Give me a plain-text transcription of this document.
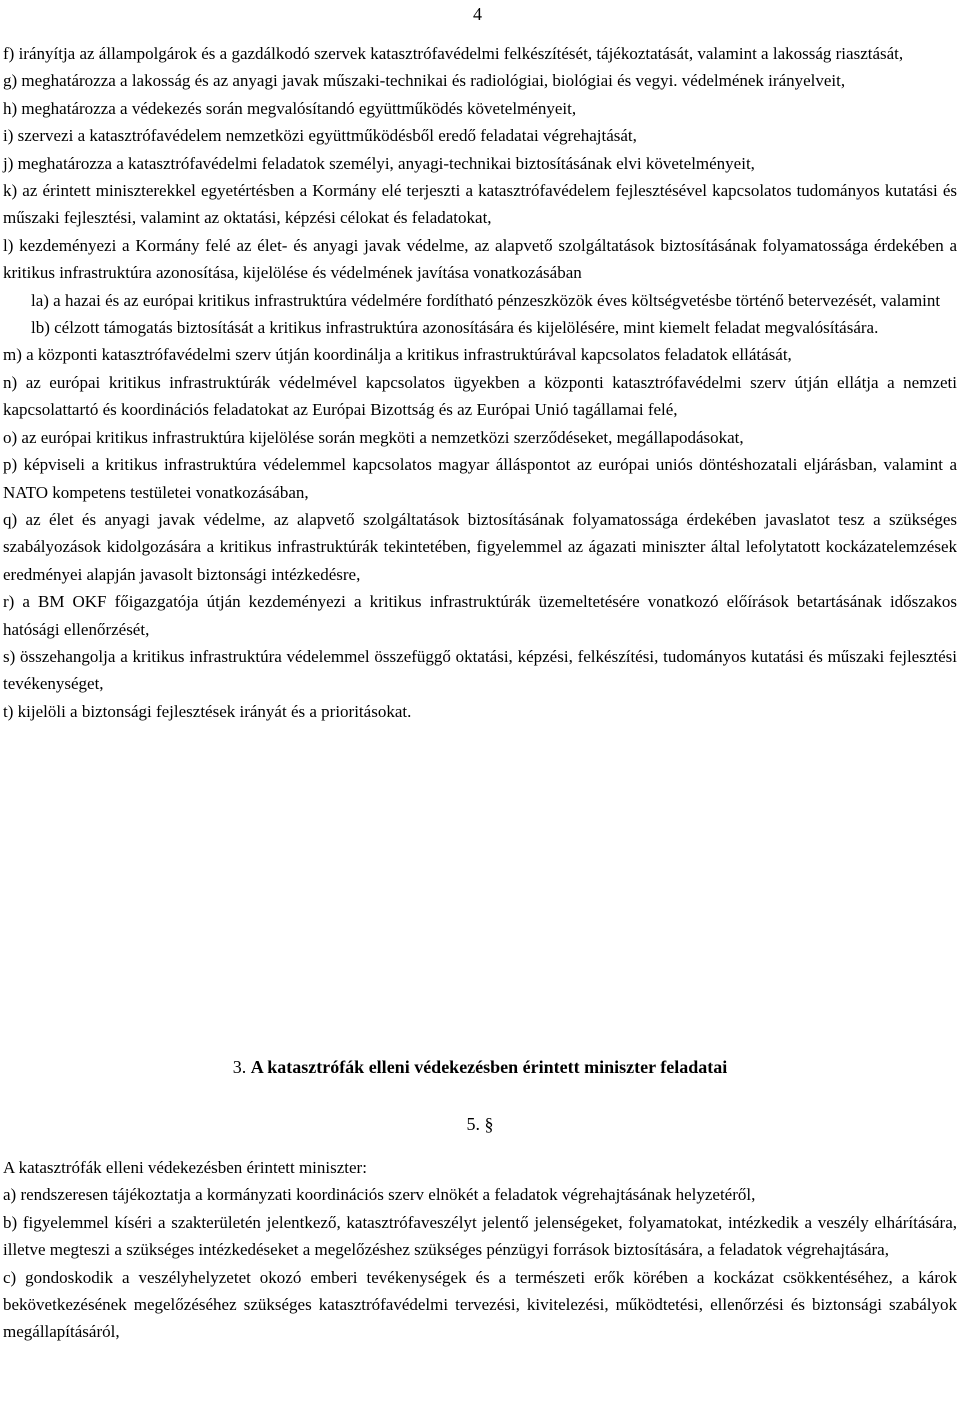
4

f) irányítja az állampolgárok és a gazdálkodó szervek katasztrófavédelmi felkészítését, tájékoztatását, valamint a lakosság riasztását,

g) meghatározza a lakosság és az anyagi javak műszaki-technikai és radiológiai, biológiai és vegyi. védelmének irányelveit,

h) meghatározza a védekezés során megvalósítandó együttműködés követelményeit,

i) szervezi a katasztrófavédelem nemzetközi együttműködésből eredő feladatai végrehajtását,

j) meghatározza a katasztrófavédelmi feladatok személyi, anyagi-technikai biztosításának elvi követelményeit,

k) az érintett miniszterekkel egyetértésben a Kormány elé terjeszti a katasztrófavédelem fejlesztésével kapcsolatos tudományos kutatási és műszaki fejlesztési, valamint az oktatási, képzési célokat és feladatokat,

l) kezdeményezi a Kormány felé az élet- és anyagi javak védelme, az alapvető szolgáltatások biztosításának folyamatossága érdekében a kritikus infrastruktúra azonosítása, kijelölése és védelmének javítása vonatkozásában

la) a hazai és az európai kritikus infrastruktúra védelmére fordítható pénzeszközök éves költségvetésbe történő betervezését, valamint

lb) célzott támogatás biztosítását a kritikus infrastruktúra azonosítására és kijelölésére, mint kiemelt feladat megvalósítására.

m) a központi katasztrófavédelmi szerv útján koordinálja a kritikus infrastruktúrával kapcsolatos feladatok ellátását,

n) az európai kritikus infrastruktúrák védelmével kapcsolatos ügyekben a központi katasztrófavédelmi szerv útján ellátja a nemzeti kapcsolattartó és koordinációs feladatokat az Európai Bizottság és az Európai Unió tagállamai felé,

o) az európai kritikus infrastruktúra kijelölése során megköti a nemzetközi szerződéseket, megállapodásokat,

p) képviseli a kritikus infrastruktúra védelemmel kapcsolatos magyar álláspontot az európai uniós döntéshozatali eljárásban, valamint a NATO kompetens testületei vonatkozásában,

q) az élet és anyagi javak védelme, az alapvető szolgáltatások biztosításának folyamatossága érdekében javaslatot tesz a szükséges szabályozások kidolgozására a kritikus infrastruktúrák tekintetében, figyelemmel az ágazati miniszter által lefolytatott kockázatelemzések eredményei alapján javasolt biztonsági intézkedésre,

r) a BM OKF főigazgatója útján kezdeményezi a kritikus infrastruktúrák üzemeltetésére vonatkozó előírások betartásának időszakos hatósági ellenőrzését,

s) összehangolja a kritikus infrastruktúra védelemmel összefüggő oktatási, képzési, felkészítési, tudományos kutatási és műszaki fejlesztési tevékenységet,

t) kijelöli a biztonsági fejlesztések irányát és a prioritásokat.

3. A katasztrófák elleni védekezésben érintett miniszter feladatai
5. §

A katasztrófák elleni védekezésben érintett miniszter:

a) rendszeresen tájékoztatja a kormányzati koordinációs szerv elnökét a feladatok végrehajtásának helyzetéről,

b) figyelemmel kíséri a szakterületén jelentkező, katasztrófaveszélyt jelentő jelenségeket, folyamatokat, intézkedik a veszély elhárítására, illetve megteszi a szükséges intézkedéseket a megelőzéshez szükséges pénzügyi források biztosítására, a feladatok végrehajtására,

c) gondoskodik a veszélyhelyzetet okozó emberi tevékenységek és a természeti erők körében a kockázat csökkentéséhez, a károk bekövetkezésének megelőzéséhez szükséges katasztrófavédelmi tervezési, kivitelezési, működtetési, ellenőrzési és biztonsági szabályok megállapításáról,
